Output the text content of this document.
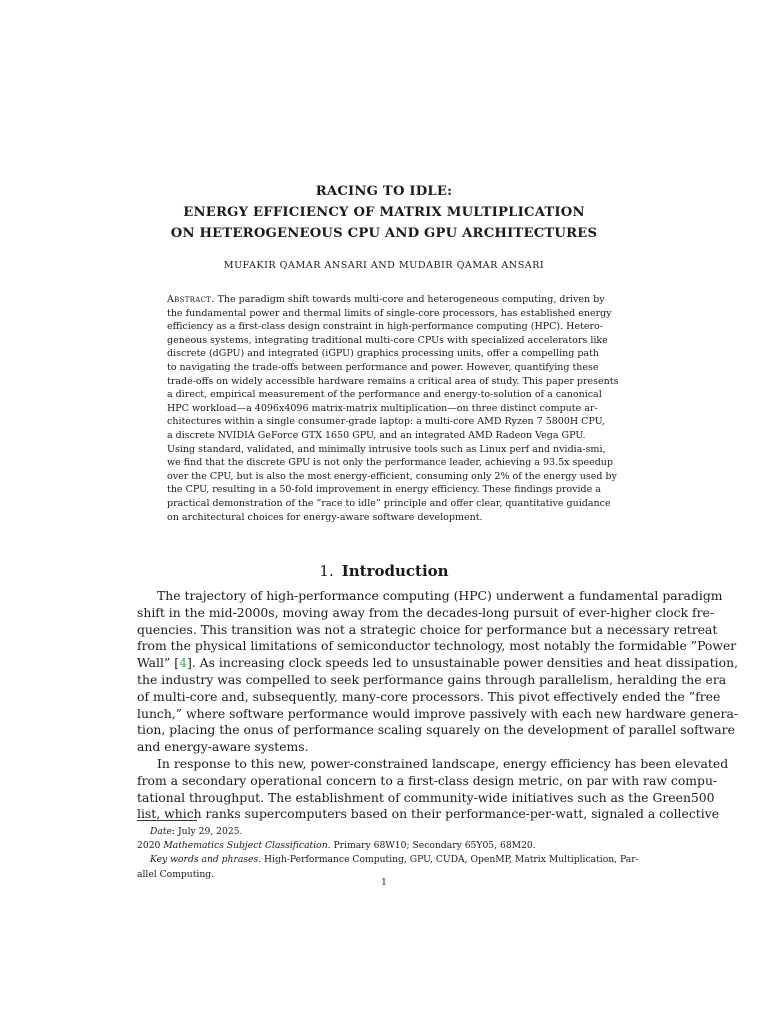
RACING TO IDLE:
ENERGY EFFICIENCY OF MATRIX MULTIPLICATION
ON HETEROGENEOUS CPU AND GPU ARCHITECTURES
MUFAKIR QAMAR ANSARI AND MUDABIR QAMAR ANSARI
Abstract. The paradigm shift towards multi-core and heterogeneous computing, driven by
the fundamental power and thermal limits of single-core processors, has established energy
efficiency as a first-class design constraint in high-performance computing (HPC). Hetero-
geneous systems, integrating traditional multi-core CPUs with specialized accelerators like
discrete (dGPU) and integrated (iGPU) graphics processing units, offer a compelling path
to navigating the trade-offs between performance and power. However, quantifying these
trade-offs on widely accessible hardware remains a critical area of study. This paper presents
a direct, empirical measurement of the performance and energy-to-solution of a canonical
HPC workload—a 4096x4096 matrix-matrix multiplication—on three distinct compute ar-
chitectures within a single consumer-grade laptop: a multi-core AMD Ryzen 7 5800H CPU,
a discrete NVIDIA GeForce GTX 1650 GPU, and an integrated AMD Radeon Vega GPU.
Using standard, validated, and minimally intrusive tools such as Linux perf and nvidia-smi,
we find that the discrete GPU is not only the performance leader, achieving a 93.5x speedup
over the CPU, but is also the most energy-efficient, consuming only 2% of the energy used by
the CPU, resulting in a 50-fold improvement in energy efficiency. These findings provide a
practical demonstration of the ”race to idle” principle and offer clear, quantitative guidance
on architectural choices for energy-aware software development.
1. Introduction
The trajectory of high-performance computing (HPC) underwent a fundamental paradigm
shift in the mid-2000s, moving away from the decades-long pursuit of ever-higher clock fre-
quencies. This transition was not a strategic choice for performance but a necessary retreat
from the physical limitations of semiconductor technology, most notably the formidable ”Power
Wall” [4]. As increasing clock speeds led to unsustainable power densities and heat dissipation,
the industry was compelled to seek performance gains through parallelism, heralding the era
of multi-core and, subsequently, many-core processors. This pivot effectively ended the ”free
lunch,” where software performance would improve passively with each new hardware genera-
tion, placing the onus of performance scaling squarely on the development of parallel software
and energy-aware systems.
In response to this new, power-constrained landscape, energy efficiency has been elevated
from a secondary operational concern to a first-class design metric, on par with raw compu-
tational throughput. The establishment of community-wide initiatives such as the Green500
list, which ranks supercomputers based on their performance-per-watt, signaled a collective
Date: July 29, 2025.
2020 Mathematics Subject Classification. Primary 68W10; Secondary 65Y05, 68M20.
Key words and phrases. High-Performance Computing, GPU, CUDA, OpenMP, Matrix Multiplication, Par-
allel Computing.
1
